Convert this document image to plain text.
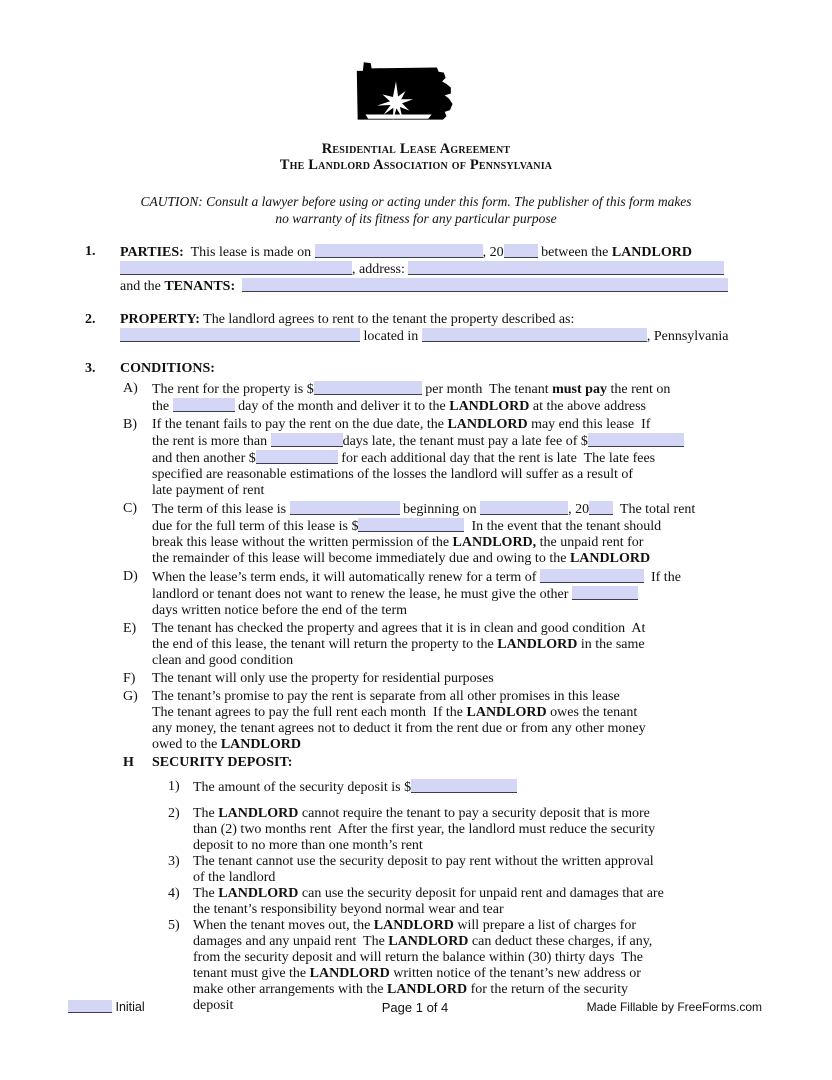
Residential Lease Agreement
The Landlord Association of Pennsylvania
CAUTION: Consult a lawyer before using or acting under this form. The publisher of this form makes
no warranty of its fitness for any particular purpose
1.	PARTIES:  This lease is made on	, 20 between the LANDLORD
, address:
and the TENANTS:
2.	PROPERTY: The landlord agrees to rent to the tenant the property described as:
located in	, Pennsylvania
3.	CONDITIONS:
A)	The rent for the property is $	per month  The tenant must pay the rent on
the	day of the month and deliver it to the LANDLORD at the above address
B)	If the tenant fails to pay the rent on the due date, the LANDLORD may end this lease  If
the rent is more than	days late, the tenant must pay a late fee of $
and then another $	for each additional day that the rent is late  The late fees
specified are reasonable estimations of the losses the landlord will suffer as a result of
late payment of rent
C)	The term of this lease is	beginning on	, 20  The total rent
due for the full term of this lease is $	In the event that the tenant should
break this lease without the written permission of the LANDLORD, the unpaid rent for
the remainder of this lease will become immediately due and owing to the LANDLORD
D)	When the lease’s term ends, it will automatically renew for a term of	If the
landlord or tenant does not want to renew the lease, he must give the other
days written notice before the end of the term
E)	The tenant has checked the property and agrees that it is in clean and good condition  At
the end of this lease, the tenant will return the property to the LANDLORD in the same
clean and good condition
F)	The tenant will only use the property for residential purposes
G)	The tenant’s promise to pay the rent is separate from all other promises in this lease
The tenant agrees to pay the full rent each month  If the LANDLORD owes the tenant
any money, the tenant agrees not to deduct it from the rent due or from any other money
owed to the LANDLORD
H	SECURITY DEPOSIT:
1) The amount of the security deposit is $
2) The LANDLORD cannot require the tenant to pay a security deposit that is more
than (2) two months rent  After the first year, the landlord must reduce the security
deposit to no more than one month’s rent
3) The tenant cannot use the security deposit to pay rent without the written approval
of the landlord
4) The LANDLORD can use the security deposit for unpaid rent and damages that are
the tenant’s responsibility beyond normal wear and tear
5) When the tenant moves out, the LANDLORD will prepare a list of charges for
damages and any unpaid rent  The LANDLORD can deduct these charges, if any,
from the security deposit and will return the balance within (30) thirty days  The
tenant must give the LANDLORD written notice of the tenant’s new address or
make other arrangements with the LANDLORD for the return of the security
deposit
Initial	Page 1 of 4	Made Fillable by FreeForms.com
